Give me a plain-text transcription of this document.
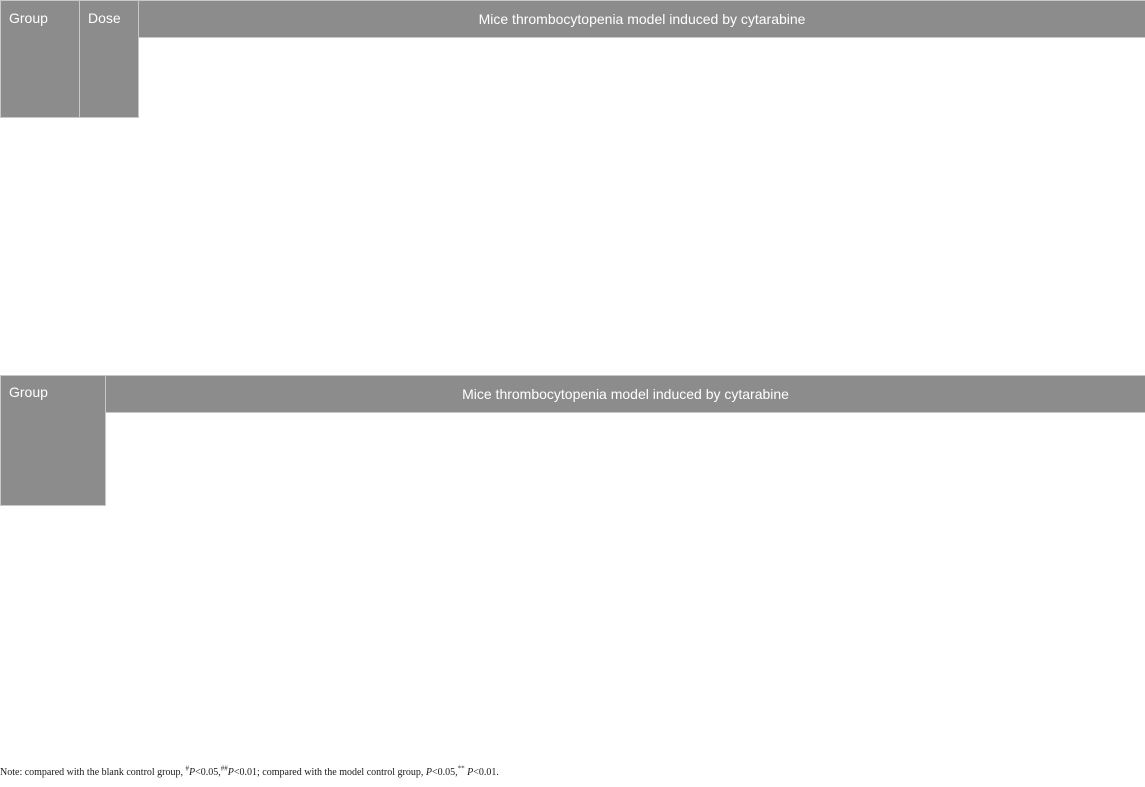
Group	Dose	Mice thrombocytopenia model induced by cytarabine

Group	Mice thrombocytopenia model induced by cytarabine

Note: compared with the blank control group, #P<0.05,##P<0.01; compared with the model control group, P<0.05,** P<0.01.
